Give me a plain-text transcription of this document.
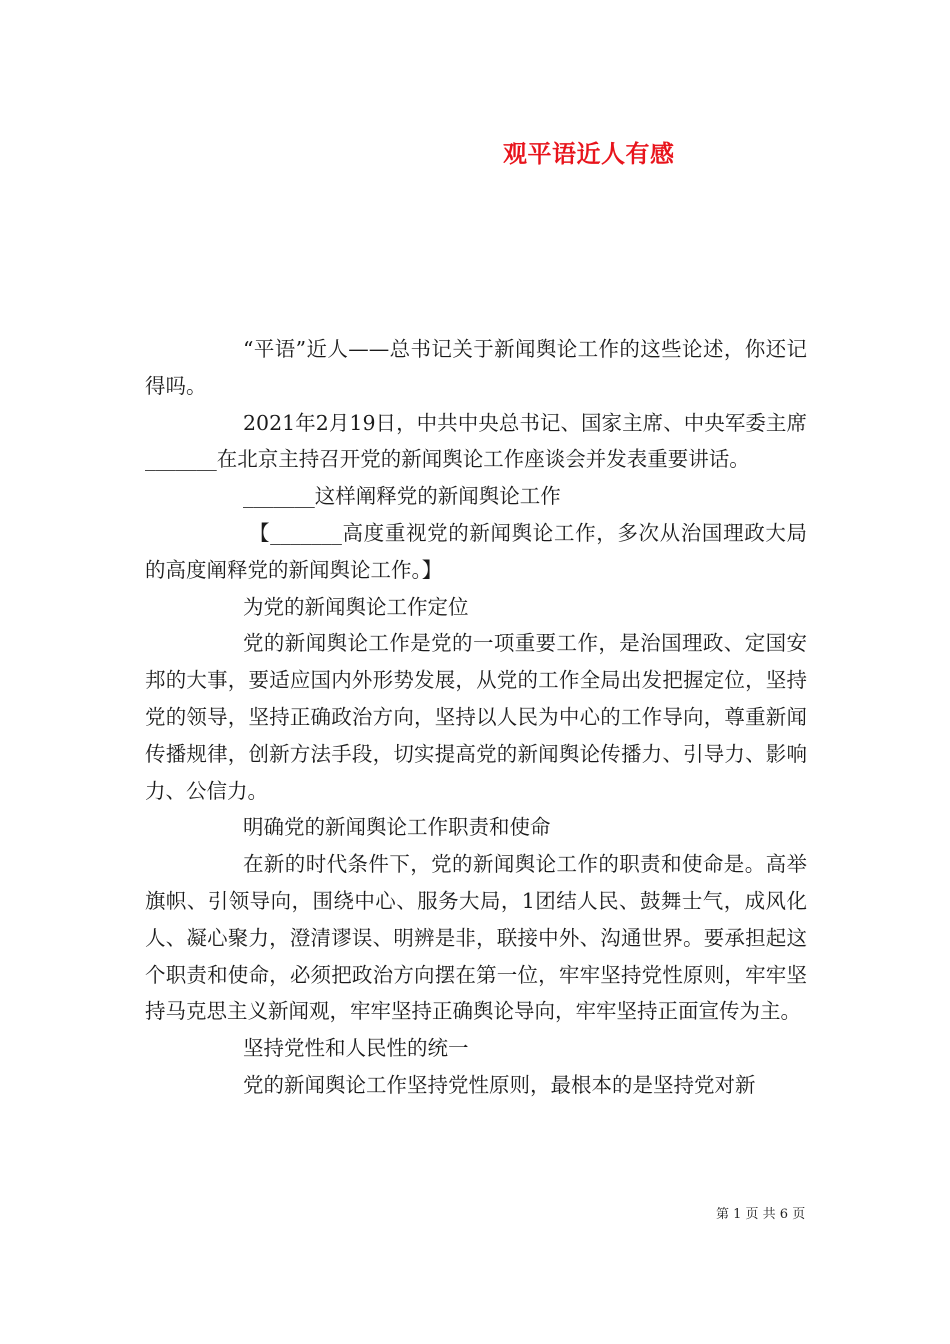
观平语近人有感

“平语”近人——总书记关于新闻舆论工作的这些论述，你还记得吗。

2021年2月19日，中共中央总书记、国家主席、中央军委主席_______在北京主持召开党的新闻舆论工作座谈会并发表重要讲话。

_______这样阐释党的新闻舆论工作

【_______高度重视党的新闻舆论工作，多次从治国理政大局的高度阐释党的新闻舆论工作。】

为党的新闻舆论工作定位

党的新闻舆论工作是党的一项重要工作，是治国理政、定国安邦的大事，要适应国内外形势发展，从党的工作全局出发把握定位，坚持党的领导，坚持正确政治方向，坚持以人民为中心的工作导向，尊重新闻传播规律，创新方法手段，切实提高党的新闻舆论传播力、引导力、影响力、公信力。

明确党的新闻舆论工作职责和使命

在新的时代条件下，党的新闻舆论工作的职责和使命是。高举旗帜、引领导向，围绕中心、服务大局，1团结人民、鼓舞士气，成风化人、凝心聚力，澄清谬误、明辨是非，联接中外、沟通世界。要承担起这个职责和使命，必须把政治方向摆在第一位，牢牢坚持党性原则，牢牢坚持马克思主义新闻观，牢牢坚持正确舆论导向，牢牢坚持正面宣传为主。

坚持党性和人民性的统一

党的新闻舆论工作坚持党性原则，最根本的是坚持党对新

第 1 页 共 6 页
